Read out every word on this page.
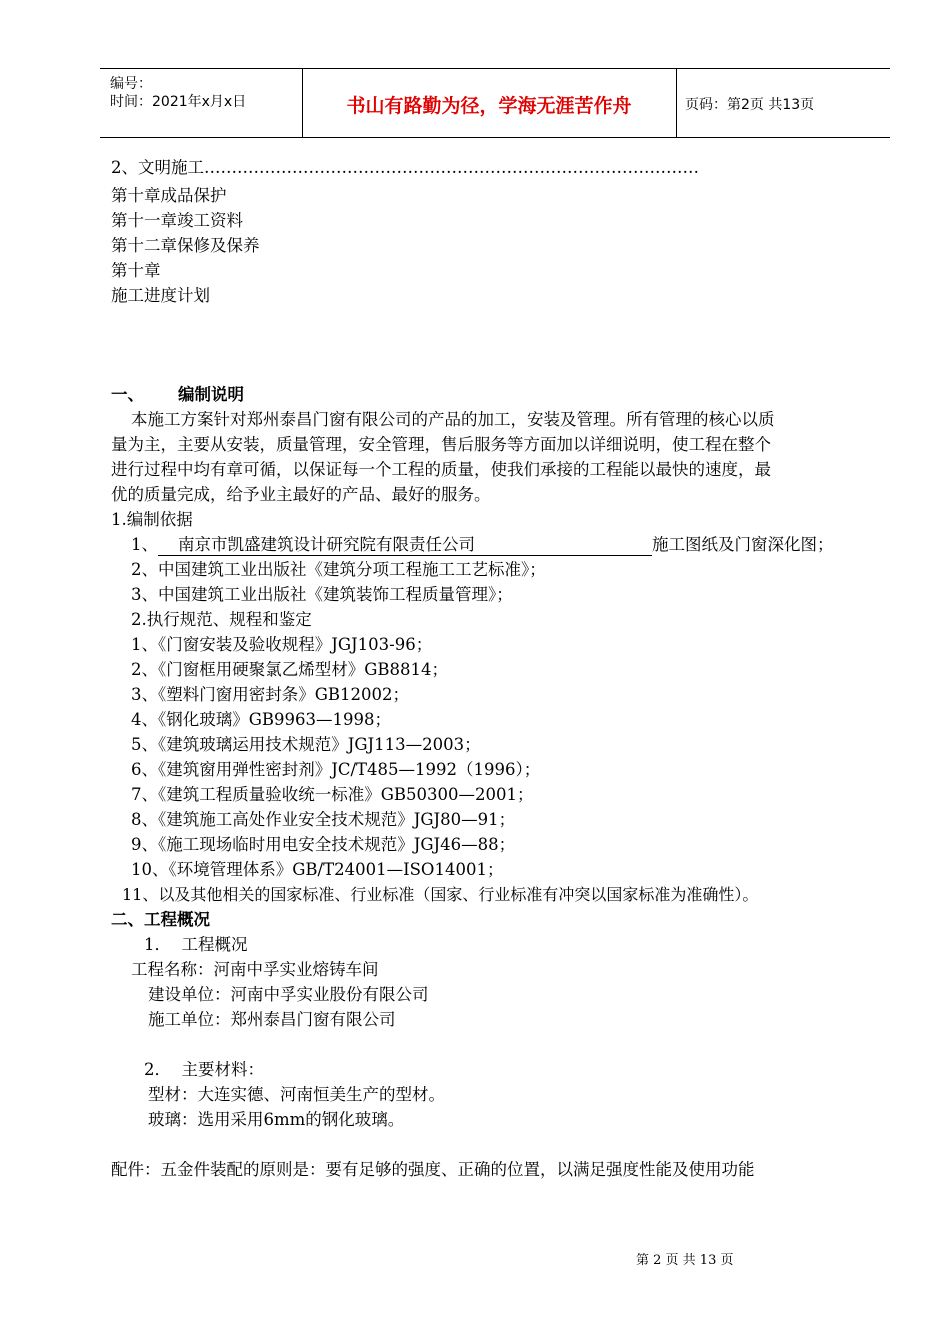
编号：
时间：2021年x月x日	书山有路勤为径，学海无涯苦作舟	页码：第2页 共13页
2、文明施工………………………………………………………………………………
第十章成品保护
第十一章竣工资料
第十二章保修及保养
第十章
施工进度计划
一、 编制说明
本施工方案针对郑州泰昌门窗有限公司的产品的加工，安装及管理。所有管理的核心以质
量为主，主要从安装，质量管理，安全管理，售后服务等方面加以详细说明，使工程在整个
进行过程中均有章可循，以保证每一个工程的质量，使我们承接的工程能以最快的速度，最
优的质量完成，给予业主最好的产品、最好的服务。
1.编制依据
1、 南京市凯盛建筑设计研究院有限责任公司	施工图纸及门窗深化图；
2、中国建筑工业出版社《建筑分项工程施工工艺标准》；
3、中国建筑工业出版社《建筑装饰工程质量管理》；
2.执行规范、规程和鉴定
1、《门窗安装及验收规程》JGJ103-96；
2、《门窗框用硬聚氯乙烯型材》GB8814；
3、《塑料门窗用密封条》GB12002；
4、《钢化玻璃》GB9963—1998；
5、《建筑玻璃运用技术规范》JGJ113—2003；
6、《建筑窗用弹性密封剂》JC/T485—1992（1996）；
7、《建筑工程质量验收统一标准》GB50300—2001；
8、《建筑施工高处作业安全技术规范》JGJ80—91；
9、《施工现场临时用电安全技术规范》JGJ46—88；
10、《环境管理体系》GB/T24001—ISO14001；
11、以及其他相关的国家标准、行业标准（国家、行业标准有冲突以国家标准为准确性）。
二、工程概况
1．  工程概况
工程名称：河南中孚实业熔铸车间
建设单位：河南中孚实业股份有限公司
施工单位：郑州泰昌门窗有限公司
2．  主要材料：
型材：大连实德、河南恒美生产的型材。
玻璃：选用采用6mm的钢化玻璃。
配件：五金件装配的原则是：要有足够的强度、正确的位置，以满足强度性能及使用功能
第 2 页 共 13 页
